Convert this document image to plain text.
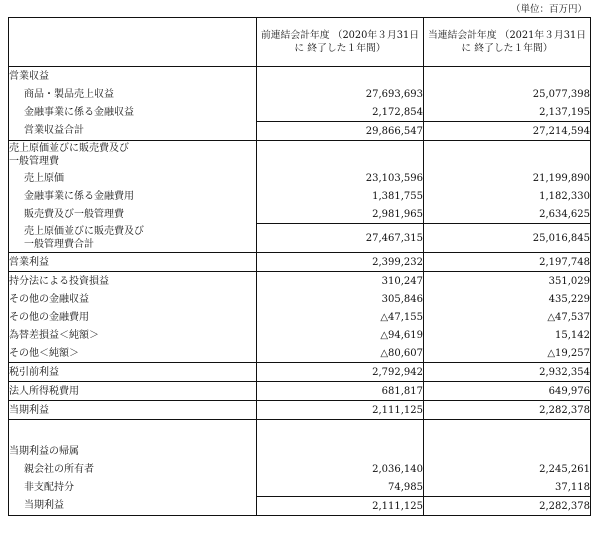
（単位：百万円）
	前連結会計年度 （2020年３月31日に 終了した１年間）	当連結会計年度 （2021年３月31日に 終了した１年間）
営業収益		
商品・製品売上収益	27,693,693	25,077,398
金融事業に係る金融収益	2,172,854	2,137,195
営業収益合計	29,866,547	27,214,594
売上原価並びに販売費及び
一般管理費		
売上原価	23,103,596	21,199,890
金融事業に係る金融費用	1,381,755	1,182,330
販売費及び一般管理費	2,981,965	2,634,625
売上原価並びに販売費及び
一般管理費合計	27,467,315	25,016,845
営業利益	2,399,232	2,197,748
持分法による投資損益	310,247	351,029
その他の金融収益	305,846	435,229
その他の金融費用	△47,155	△47,537
為替差損益＜純額＞	△94,619	15,142
その他＜純額＞	△80,607	△19,257
税引前利益	2,792,942	2,932,354
法人所得税費用	681,817	649,976
当期利益	2,111,125	2,282,378

当期利益の帰属		
親会社の所有者	2,036,140	2,245,261
非支配持分	74,985	37,118
当期利益	2,111,125	2,282,378
